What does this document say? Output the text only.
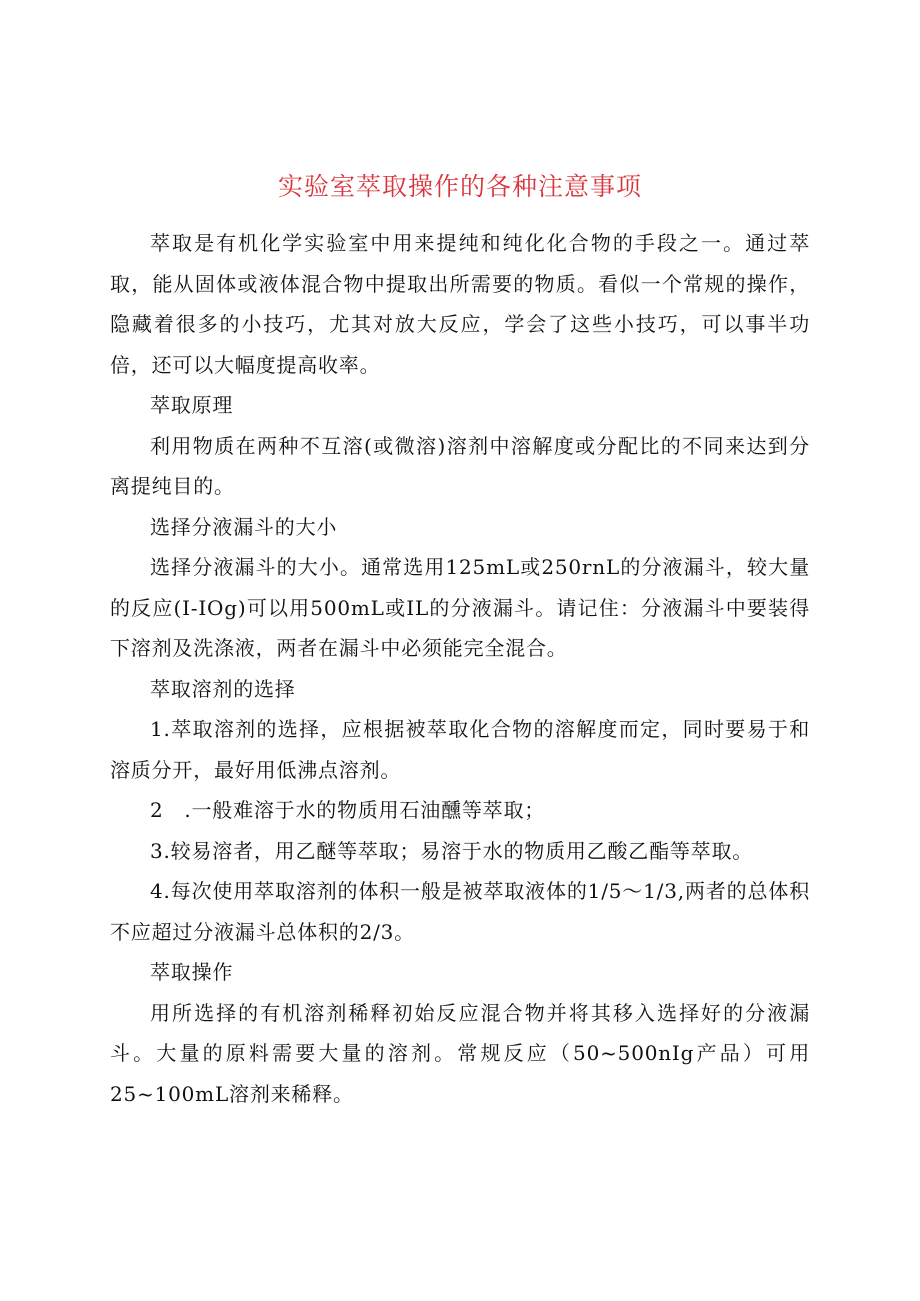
实验室萃取操作的各种注意事项

萃取是有机化学实验室中用来提纯和纯化化合物的手段之一。通过萃取，能从固体或液体混合物中提取出所需要的物质。看似一个常规的操作，隐藏着很多的小技巧，尤其对放大反应，学会了这些小技巧，可以事半功倍，还可以大幅度提高收率。

萃取原理

利用物质在两种不互溶(或微溶)溶剂中溶解度或分配比的不同来达到分离提纯目的。

选择分液漏斗的大小

选择分液漏斗的大小。通常选用125mL或250rnL的分液漏斗，较大量的反应(I-IOg)可以用500mL或IL的分液漏斗。请记住：分液漏斗中要装得下溶剂及洗涤液，两者在漏斗中必须能完全混合。

萃取溶剂的选择

1.萃取溶剂的选择，应根据被萃取化合物的溶解度而定，同时要易于和溶质分开，最好用低沸点溶剂。

2　.一般难溶于水的物质用石油醺等萃取；

3.较易溶者，用乙醚等萃取；易溶于水的物质用乙酸乙酯等萃取。

4.每次使用萃取溶剂的体积一般是被萃取液体的1/5～1/3,两者的总体积不应超过分液漏斗总体积的2/3。

萃取操作

用所选择的有机溶剂稀释初始反应混合物并将其移入选择好的分液漏斗。大量的原料需要大量的溶剂。常规反应（50~500nIg产品）可用25~100mL溶剂来稀释。
